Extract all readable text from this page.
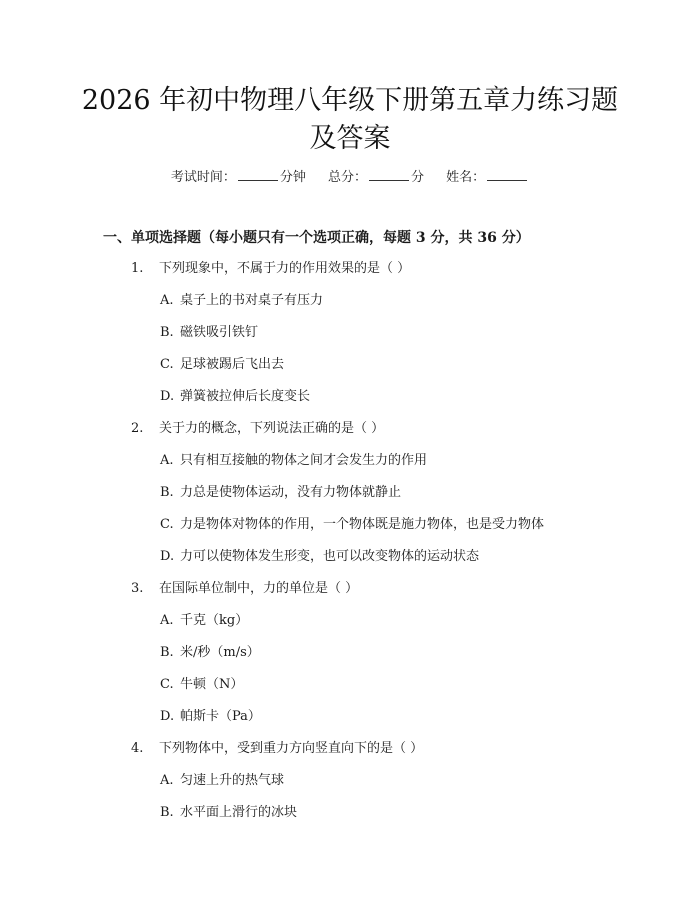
2026 年初中物理八年级下册第五章力练习题
及答案
考试时间：	分钟 总分：	分 姓名：
一、单项选择题（每小题只有一个选项正确，每题 3 分，共 36 分）
1. 下列现象中，不属于力的作用效果的是（ ）
A. 桌子上的书对桌子有压力
B. 磁铁吸引铁钉
C. 足球被踢后飞出去
D. 弹簧被拉伸后长度变长
2. 关于力的概念，下列说法正确的是（ ）
A. 只有相互接触的物体之间才会发生力的作用
B. 力总是使物体运动，没有力物体就静止
C. 力是物体对物体的作用，一个物体既是施力物体，也是受力物体
D. 力可以使物体发生形变，也可以改变物体的运动状态
3. 在国际单位制中，力的单位是（ ）
A. 千克（kg）
B. 米/秒（m/s）
C. 牛顿（N）
D. 帕斯卡（Pa）
4. 下列物体中，受到重力方向竖直向下的是（ ）
A. 匀速上升的热气球
B. 水平面上滑行的冰块
